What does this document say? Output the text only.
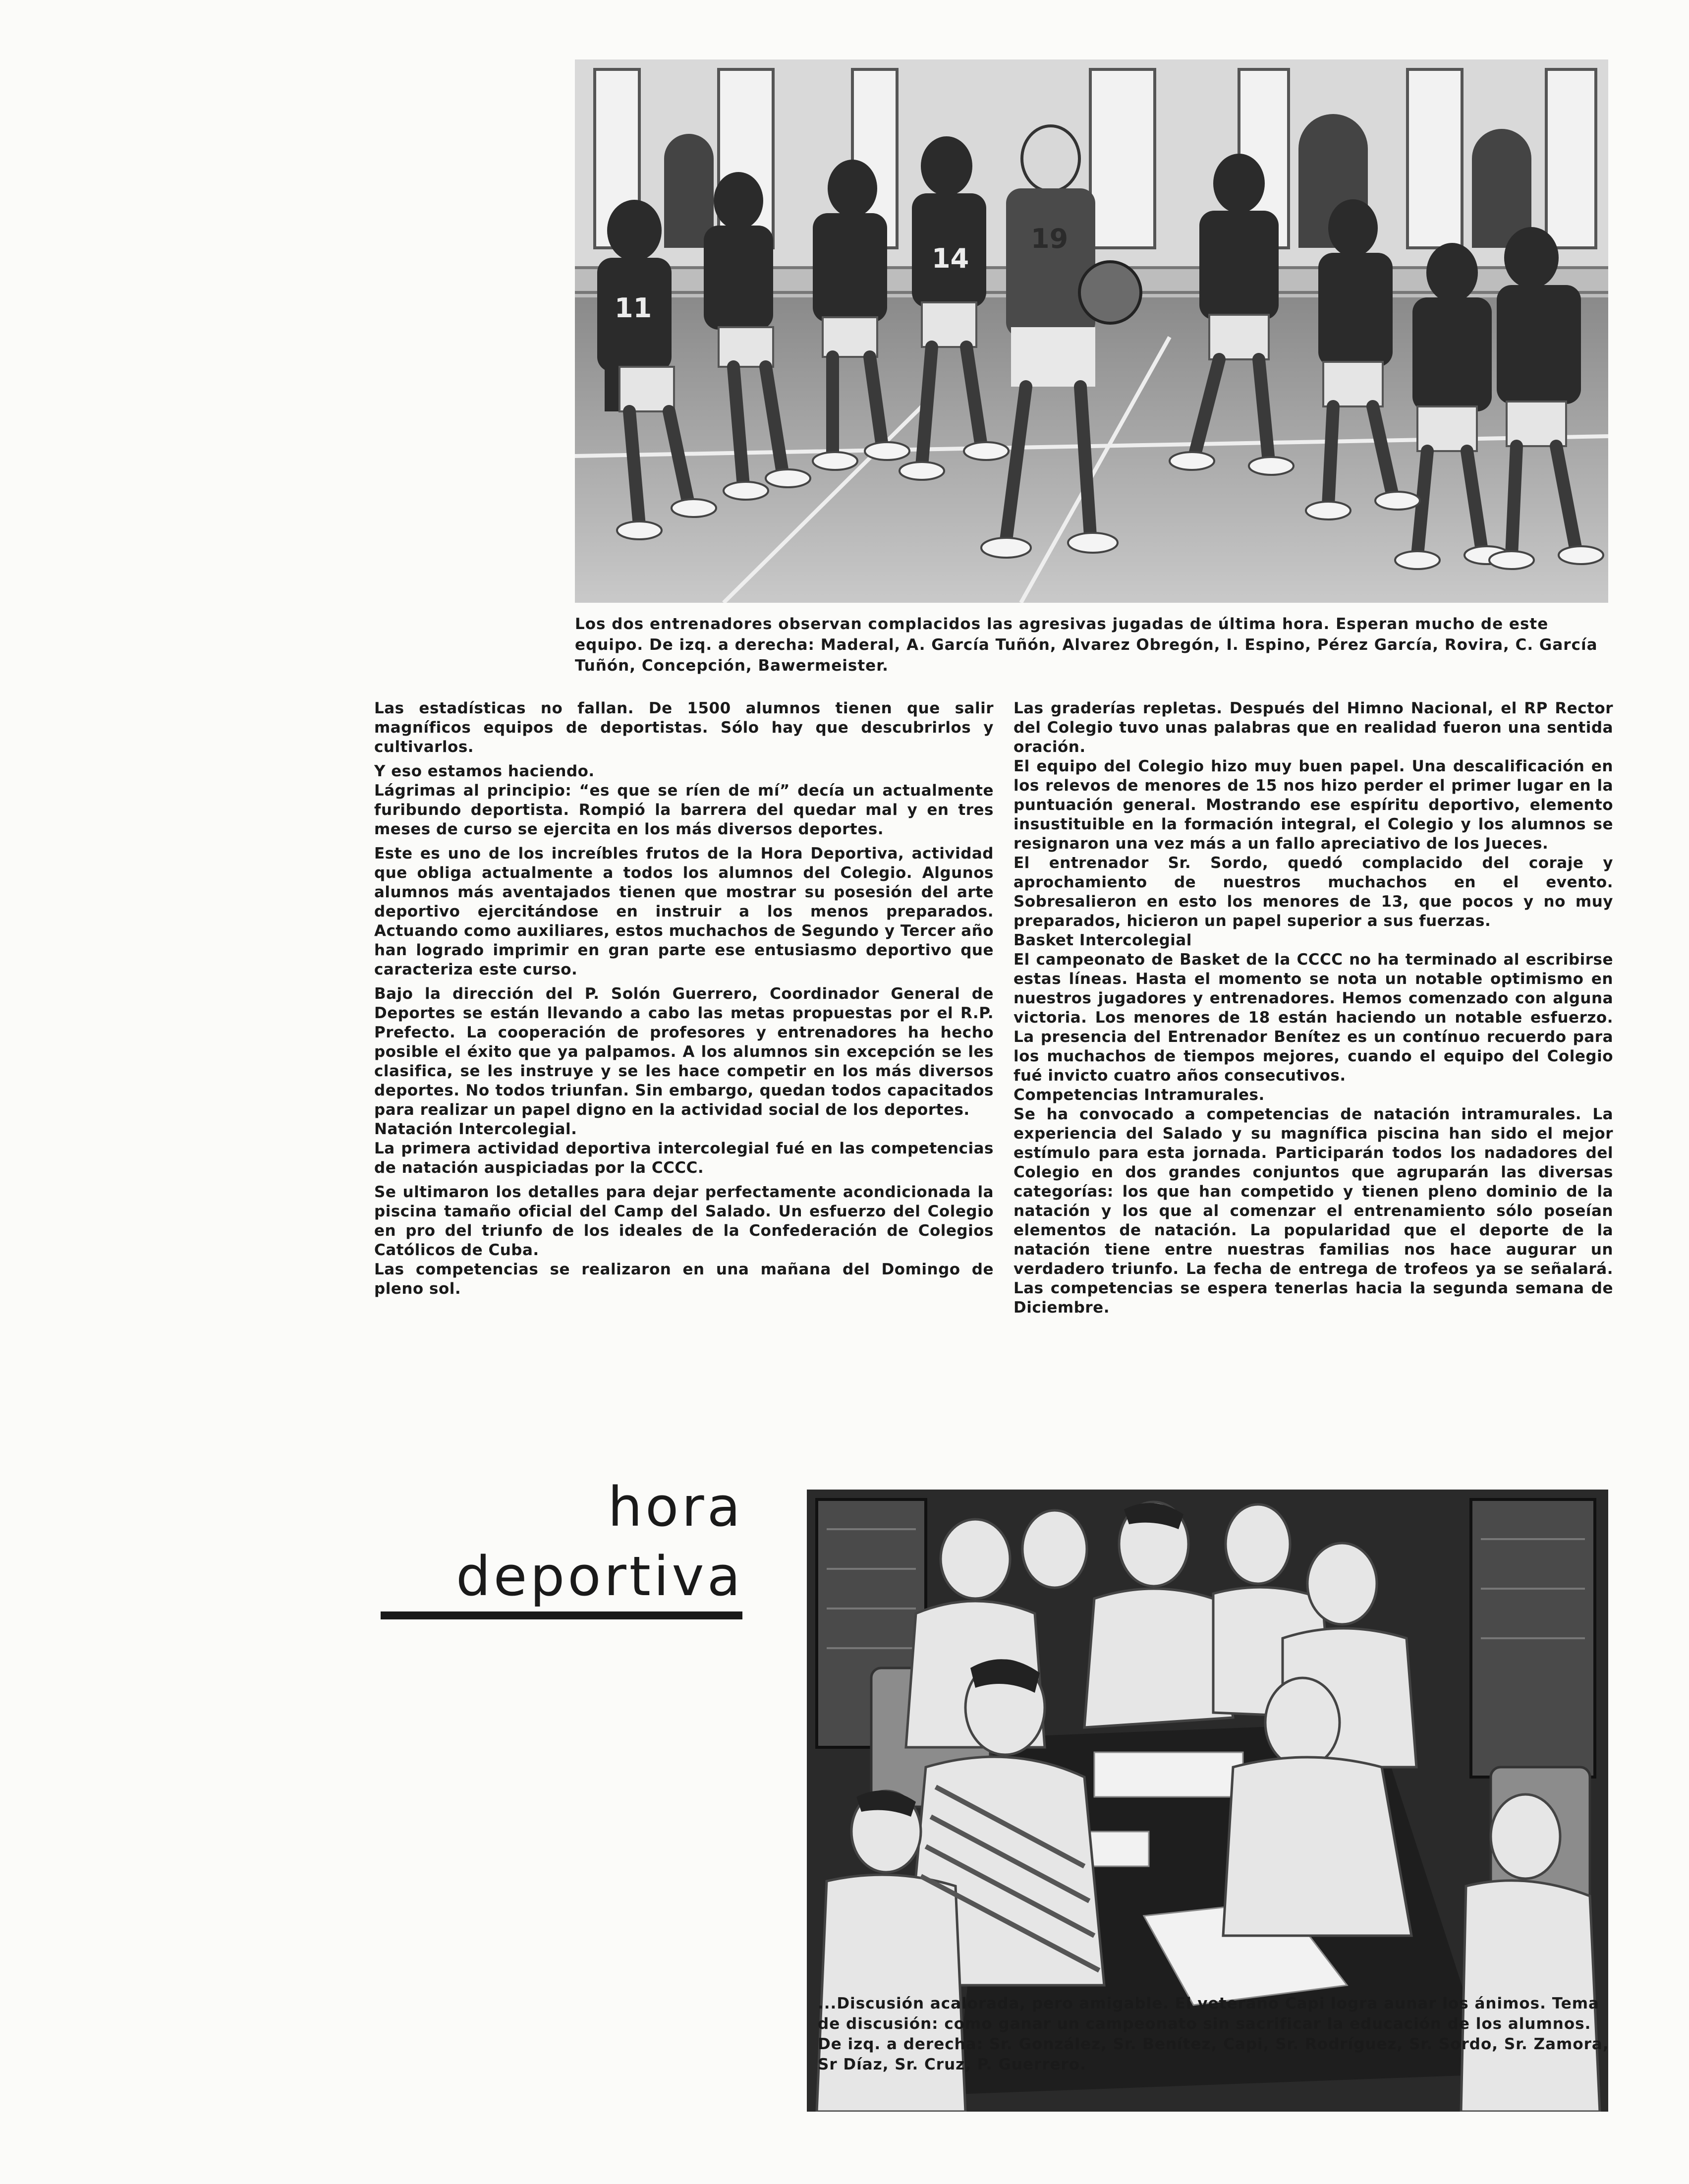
11
14
19

Los dos entrenadores observan complacidos las agresivas jugadas de última hora. Esperan mucho de este equipo. De izq. a derecha: Maderal, A. García Tuñón, Alvarez Obregón, I. Espino, Pérez García, Rovira, C. García Tuñón, Concepción, Bawermeister.

Las estadísticas no fallan. De 1500 alumnos tienen que salir magníficos equipos de deportistas. Sólo hay que descubrirlos y cultivarlos.

Y eso estamos haciendo.

Lágrimas al principio: “es que se ríen de mí” decía un actualmente furibundo deportista. Rompió la barrera del quedar mal y en tres meses de curso se ejercita en los más diversos deportes.

Este es uno de los increíbles frutos de la Hora Deportiva, actividad que obliga actualmente a todos los alumnos del Colegio. Algunos alumnos más aventajados tienen que mostrar su posesión del arte deportivo ejercitándose en instruir a los menos preparados. Actuando como auxiliares, estos muchachos de Segundo y Tercer año han logrado imprimir en gran parte ese entusiasmo deportivo que caracteriza este curso.

Bajo la dirección del P. Solón Guerrero, Coordinador General de Deportes se están llevando a cabo las metas propuestas por el R.P. Prefecto. La cooperación de profesores y entrenadores ha hecho posible el éxito que ya palpamos. A los alumnos sin excepción se les clasifica, se les instruye y se les hace competir en los más diversos deportes. No todos triunfan. Sin embargo, quedan todos capacitados para realizar un papel digno en la actividad social de los deportes.

Natación Intercolegial.

La primera actividad deportiva intercolegial fué en las competencias de natación auspiciadas por la CCCC.

Se ultimaron los detalles para dejar perfectamente acondicionada la piscina tamaño oficial del Camp del Salado. Un esfuerzo del Colegio en pro del triunfo de los ideales de la Confederación de Colegios Católicos de Cuba.

Las competencias se realizaron en una mañana del Domingo de pleno sol.

Las graderías repletas. Después del Himno Nacional, el RP Rector del Colegio tuvo unas palabras que en realidad fueron una sentida oración.

El equipo del Colegio hizo muy buen papel. Una descalificación en los relevos de menores de 15 nos hizo perder el primer lugar en la puntuación general. Mostrando ese espíritu deportivo, elemento insustituible en la formación integral, el Colegio y los alumnos se resignaron una vez más a un fallo apreciativo de los Jueces.

El entrenador Sr. Sordo, quedó complacido del coraje y aprochamiento de nuestros muchachos en el evento. Sobresalieron en esto los menores de 13, que pocos y no muy preparados, hicieron un papel superior a sus fuerzas.

Basket Intercolegial

El campeonato de Basket de la CCCC no ha terminado al escribirse estas líneas. Hasta el momento se nota un notable optimismo en nuestros jugadores y entrenadores. Hemos comenzado con alguna victoria. Los menores de 18 están haciendo un notable esfuerzo. La presencia del Entrenador Benítez es un contínuo recuerdo para los muchachos de tiempos mejores, cuando el equipo del Colegio fué invicto cuatro años consecutivos.

Competencias Intramurales.

Se ha convocado a competencias de natación intramurales. La experiencia del Salado y su magnífica piscina han sido el mejor estímulo para esta jornada. Participarán todos los nadadores del Colegio en dos grandes conjuntos que agruparán las diversas categorías: los que han competido y tienen pleno dominio de la natación y los que al comenzar el entrenamiento sólo poseían elementos de natación. La popularidad que el deporte de la natación tiene entre nuestras familias nos hace augurar un verdadero triunfo. La fecha de entrega de trofeos ya se señalará. Las competencias se espera tenerlas hacia la segunda semana de Diciembre.

hora
deportiva

...Discusión acalorada, pero amigable. El veterano Capi logra aunar los ánimos. Tema de discusión: como ganar un campeonato sin sacrificar la educación de los alumnos. De izq. a derecha: Sr. González, Sr. Benítez, Capi, Sr. Rodríguez, Sr. Sordo, Sr. Zamora, Sr Díaz, Sr. Cruz, P. Guerrero.
